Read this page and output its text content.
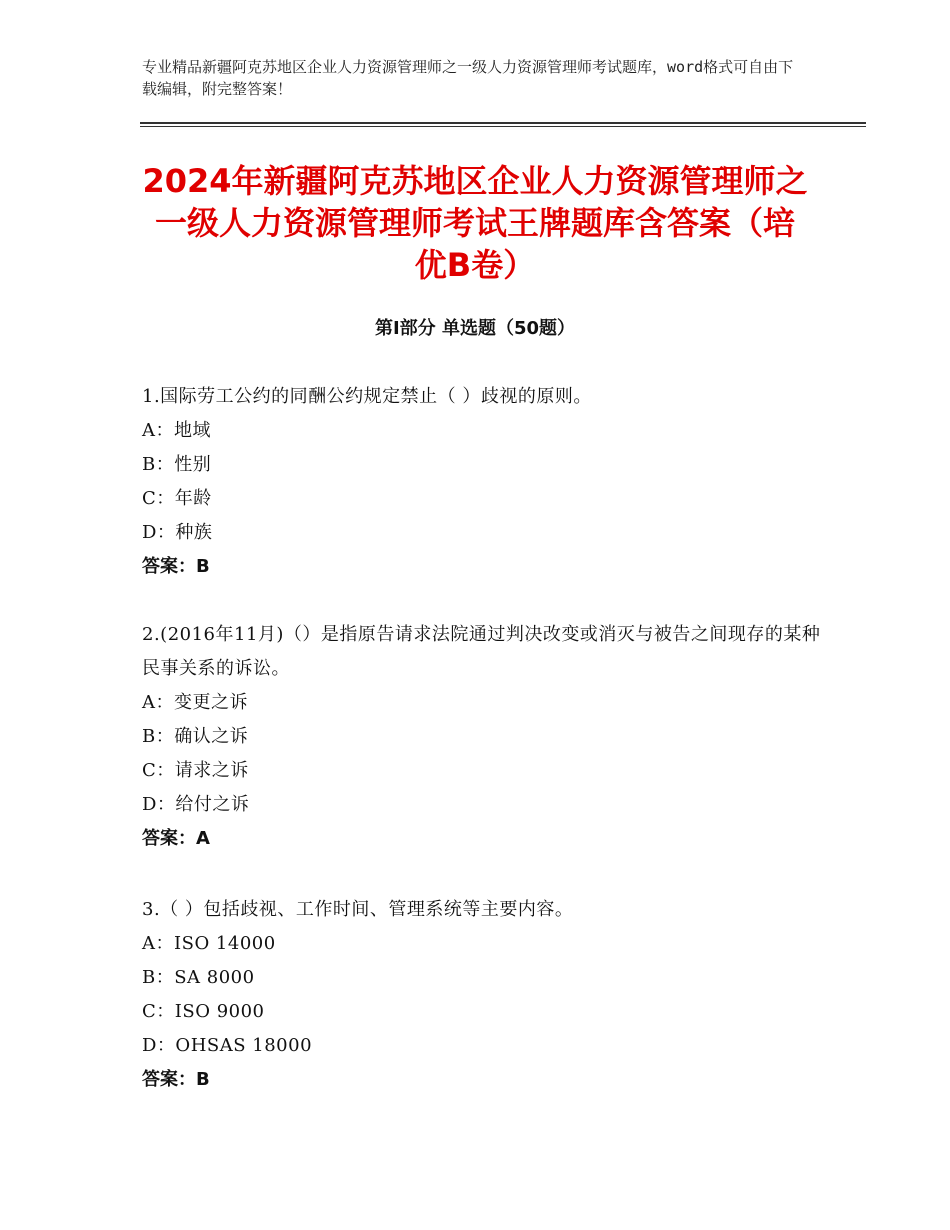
专业精品新疆阿克苏地区企业人力资源管理师之一级人力资源管理师考试题库，word格式可自由下载编辑，附完整答案！
2024年新疆阿克苏地区企业人力资源管理师之一级人力资源管理师考试王牌题库含答案（培优B卷）
第Ⅰ部分 单选题（50题）
1.国际劳工公约的同酬公约规定禁止（ ）歧视的原则。
A：地域
B：性别
C：年龄
D：种族
答案：B
2.(2016年11月)（）是指原告请求法院通过判决改变或消灭与被告之间现存的某种民事关系的诉讼。
A：变更之诉
B：确认之诉
C：请求之诉
D：给付之诉
答案：A
3.（ ）包括歧视、工作时间、管理系统等主要内容。
A：ISO 14000
B：SA 8000
C：ISO 9000
D：OHSAS 18000
答案：B
